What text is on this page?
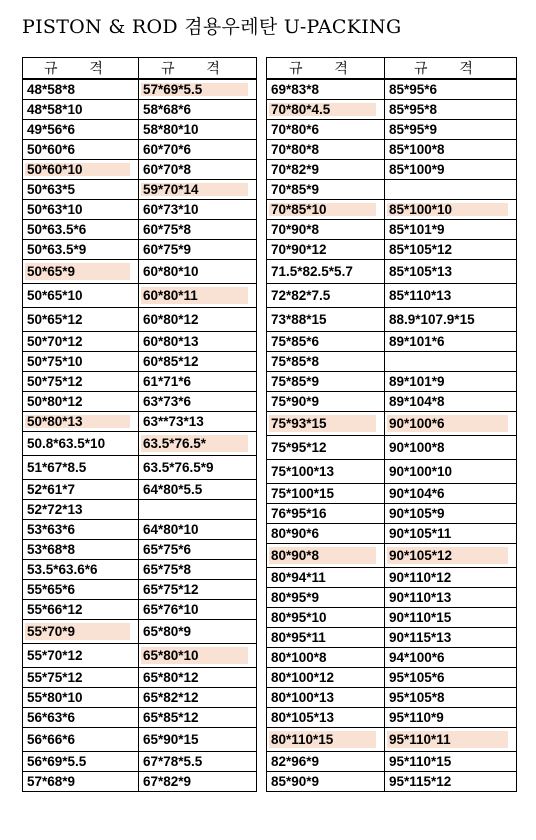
PISTON & ROD 겸용우레탄 U-PACKING
규 격	규 격
48*58*8	57*69*5.5
48*58*10	58*68*6
49*56*6	58*80*10
50*60*6	60*70*6

50*60*10	60*70*8
50*63*5	59*70*14
50*63*10	60*73*10
50*63.5*6	60*75*8
50*63.5*9	60*75*9

50*65*9	60*80*10
50*65*10	60*80*11
50*65*12	60*80*12
50*70*12	60*80*13
50*75*10	60*85*12
50*75*12	61*71*6
50*80*12	63*73*6

50*80*13	63**73*13
50.8*63.5*10	63.5*76.5*
51*67*8.5	63.5*76.5*9
52*61*7	64*80*5.5
52*72*13	
53*63*6	64*80*10
53*68*8	65*75*6
53.5*63.6*6	65*75*8
55*65*6	65*75*12
55*66*12	65*76*10

55*70*9	65*80*9
55*70*12	65*80*10
55*75*12	65*80*12
55*80*10	65*82*12
56*63*6	65*85*12
56*66*6	65*90*15
56*69*5.5	67*78*5.5
57*68*9	67*82*9
규 격	규 격
69*83*8	85*95*6

70*80*4.5	85*95*8
70*80*6	85*95*9
70*80*8	85*100*8
70*82*9	85*100*9
70*85*9	

70*85*10	85*100*10
70*90*8	85*101*9
70*90*12	85*105*12
71.5*82.5*5.7	85*105*13
72*82*7.5	85*110*13
73*88*15	88.9*107.9*15
75*85*6	89*101*6
75*85*8	
75*85*9	89*101*9
75*90*9	89*104*8

75*93*15	90*100*6
75*95*12	90*100*8
75*100*13	90*100*10
75*100*15	90*104*6
76*95*16	90*105*9
80*90*6	90*105*11

80*90*8	90*105*12
80*94*11	90*110*12
80*95*9	90*110*13
80*95*10	90*110*15
80*95*11	90*115*13
80*100*8	94*100*6
80*100*12	95*105*6
80*100*13	95*105*8
80*105*13	95*110*9

80*110*15	95*110*11
82*96*9	95*110*15
85*90*9	95*115*12
